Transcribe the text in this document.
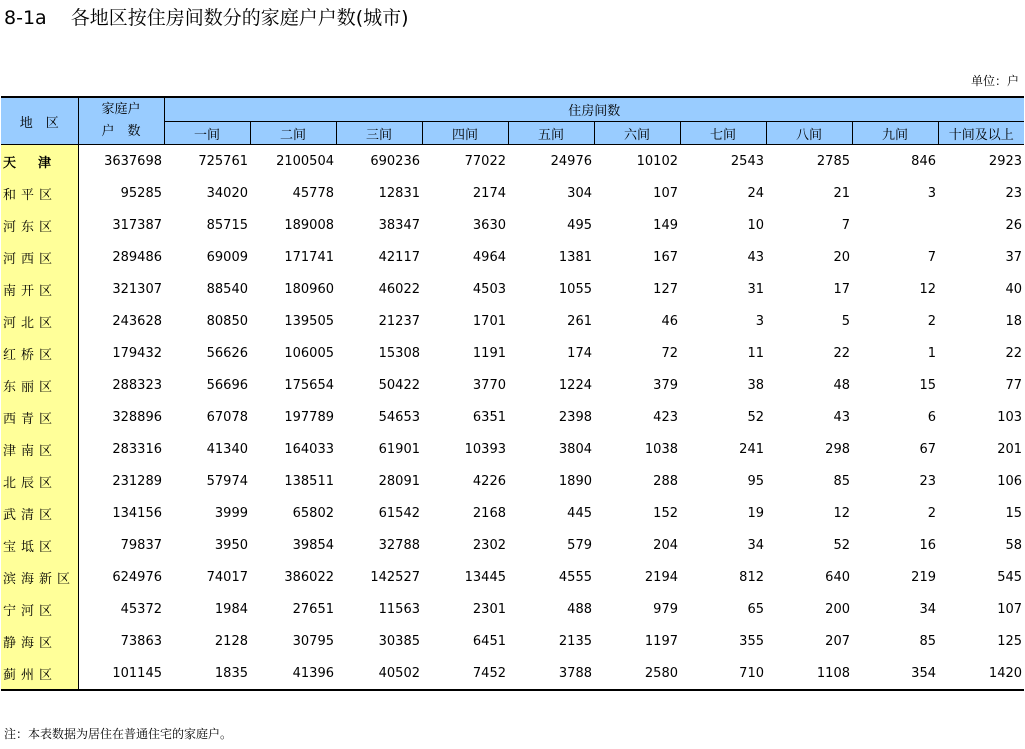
8-1a 各地区按住房间数分的家庭户户数(城市)
单位：户
地　区	家庭户
户　数	住房间数									
		一间	二间	三间	四间	五间	六间	七间	八间	九间	十间及以上
天津	3637698	725761	2100504	690236	77022	24976	10102	2543	2785	846	2923
和平区	95285	34020	45778	12831	2174	304	107	24	21	3	23
河东区	317387	85715	189008	38347	3630	495	149	10	7		26
河西区	289486	69009	171741	42117	4964	1381	167	43	20	7	37
南开区	321307	88540	180960	46022	4503	1055	127	31	17	12	40
河北区	243628	80850	139505	21237	1701	261	46	3	5	2	18
红桥区	179432	56626	106005	15308	1191	174	72	11	22	1	22
东丽区	288323	56696	175654	50422	3770	1224	379	38	48	15	77
西青区	328896	67078	197789	54653	6351	2398	423	52	43	6	103
津南区	283316	41340	164033	61901	10393	3804	1038	241	298	67	201
北辰区	231289	57974	138511	28091	4226	1890	288	95	85	23	106
武清区	134156	3999	65802	61542	2168	445	152	19	12	2	15
宝坻区	79837	3950	39854	32788	2302	579	204	34	52	16	58
滨海新区	624976	74017	386022	142527	13445	4555	2194	812	640	219	545
宁河区	45372	1984	27651	11563	2301	488	979	65	200	34	107
静海区	73863	2128	30795	30385	6451	2135	1197	355	207	85	125
蓟州区	101145	1835	41396	40502	7452	3788	2580	710	1108	354	1420
注：本表数据为居住在普通住宅的家庭户。
